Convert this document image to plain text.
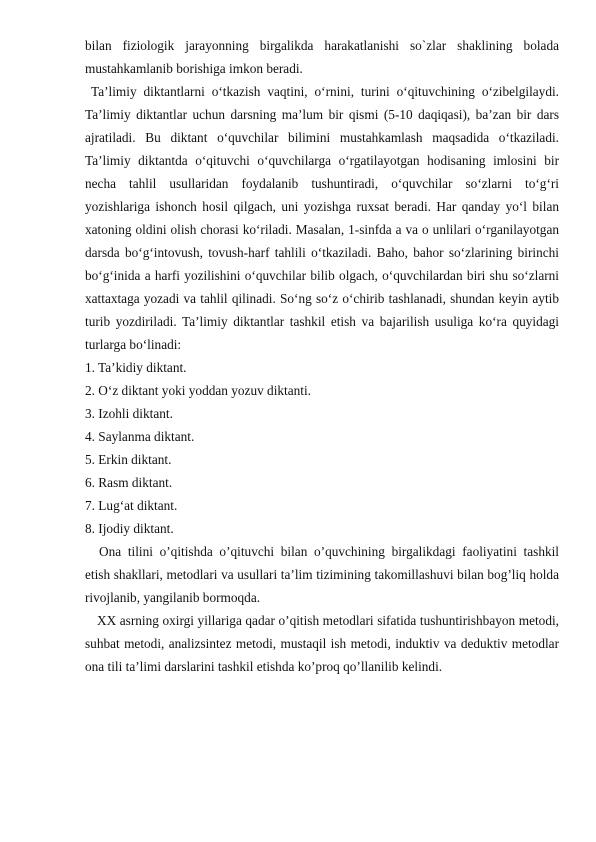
bilan fiziologik jarayonning birgalikda harakatlanishi so`zlar shaklining bolada mustahkamlanib borishiga imkon beradi.

Ta’limiy diktantlarni o‘tkazish vaqtini, o‘rnini, turini o‘qituvchining o‘zibelgilaydi. Ta’limiy diktantlar uchun darsning ma’lum bir qismi (5-10 daqiqasi), ba’zan bir dars ajratiladi. Bu diktant o‘quvchilar bilimini mustahkamlash maqsadida o‘tkaziladi. Ta’limiy diktantda o‘qituvchi o‘quvchilarga o‘rgatilayotgan hodisaning imlosini bir necha tahlil usullaridan foydalanib tushuntiradi, o‘quvchilar so‘zlarni to‘g‘ri yozishlariga ishonch hosil qilgach, uni yozishga ruxsat beradi. Har qanday yo‘l bilan xatoning oldini olish chorasi ko‘riladi. Masalan, 1-sinfda a va o unlilari o‘rganilayotgan darsda bo‘g‘intovush, tovush-harf tahlili o‘tkaziladi. Baho, bahor so‘zlarining birinchi bo‘g‘inida a harfi yozilishini o‘quvchilar bilib olgach, o‘quvchilardan biri shu so‘zlarni xattaxtaga yozadi va tahlil qilinadi. So‘ng so‘z o‘chirib tashlanadi, shundan keyin aytib turib yozdiriladi. Ta’limiy diktantlar tashkil etish va bajarilish usuliga ko‘ra quyidagi turlarga bo‘linadi:

1. Ta’kidiy diktant.
2. O‘z diktant yoki yoddan yozuv diktanti.
3. Izohli diktant.
4. Saylanma diktant.
5. Erkin diktant.
6. Rasm diktant.
7. Lug‘at diktant.
8. Ijodiy diktant.

Ona tilini o’qitishda o’qituvchi bilan o’quvchining birgalikdagi faoliyatini tashkil etish shakllari, metodlari va usullari ta’lim tizimining takomillashuvi bilan bog’liq holda rivojlanib, yangilanib bormoqda.

XX asrning oxirgi yillariga qadar o’qitish metodlari sifatida tushuntirishbayon metodi, suhbat metodi, analizsintez metodi, mustaqil ish metodi, induktiv va deduktiv metodlar ona tili ta’limi darslarini tashkil etishda ko’proq qo’llanilib kelindi.
